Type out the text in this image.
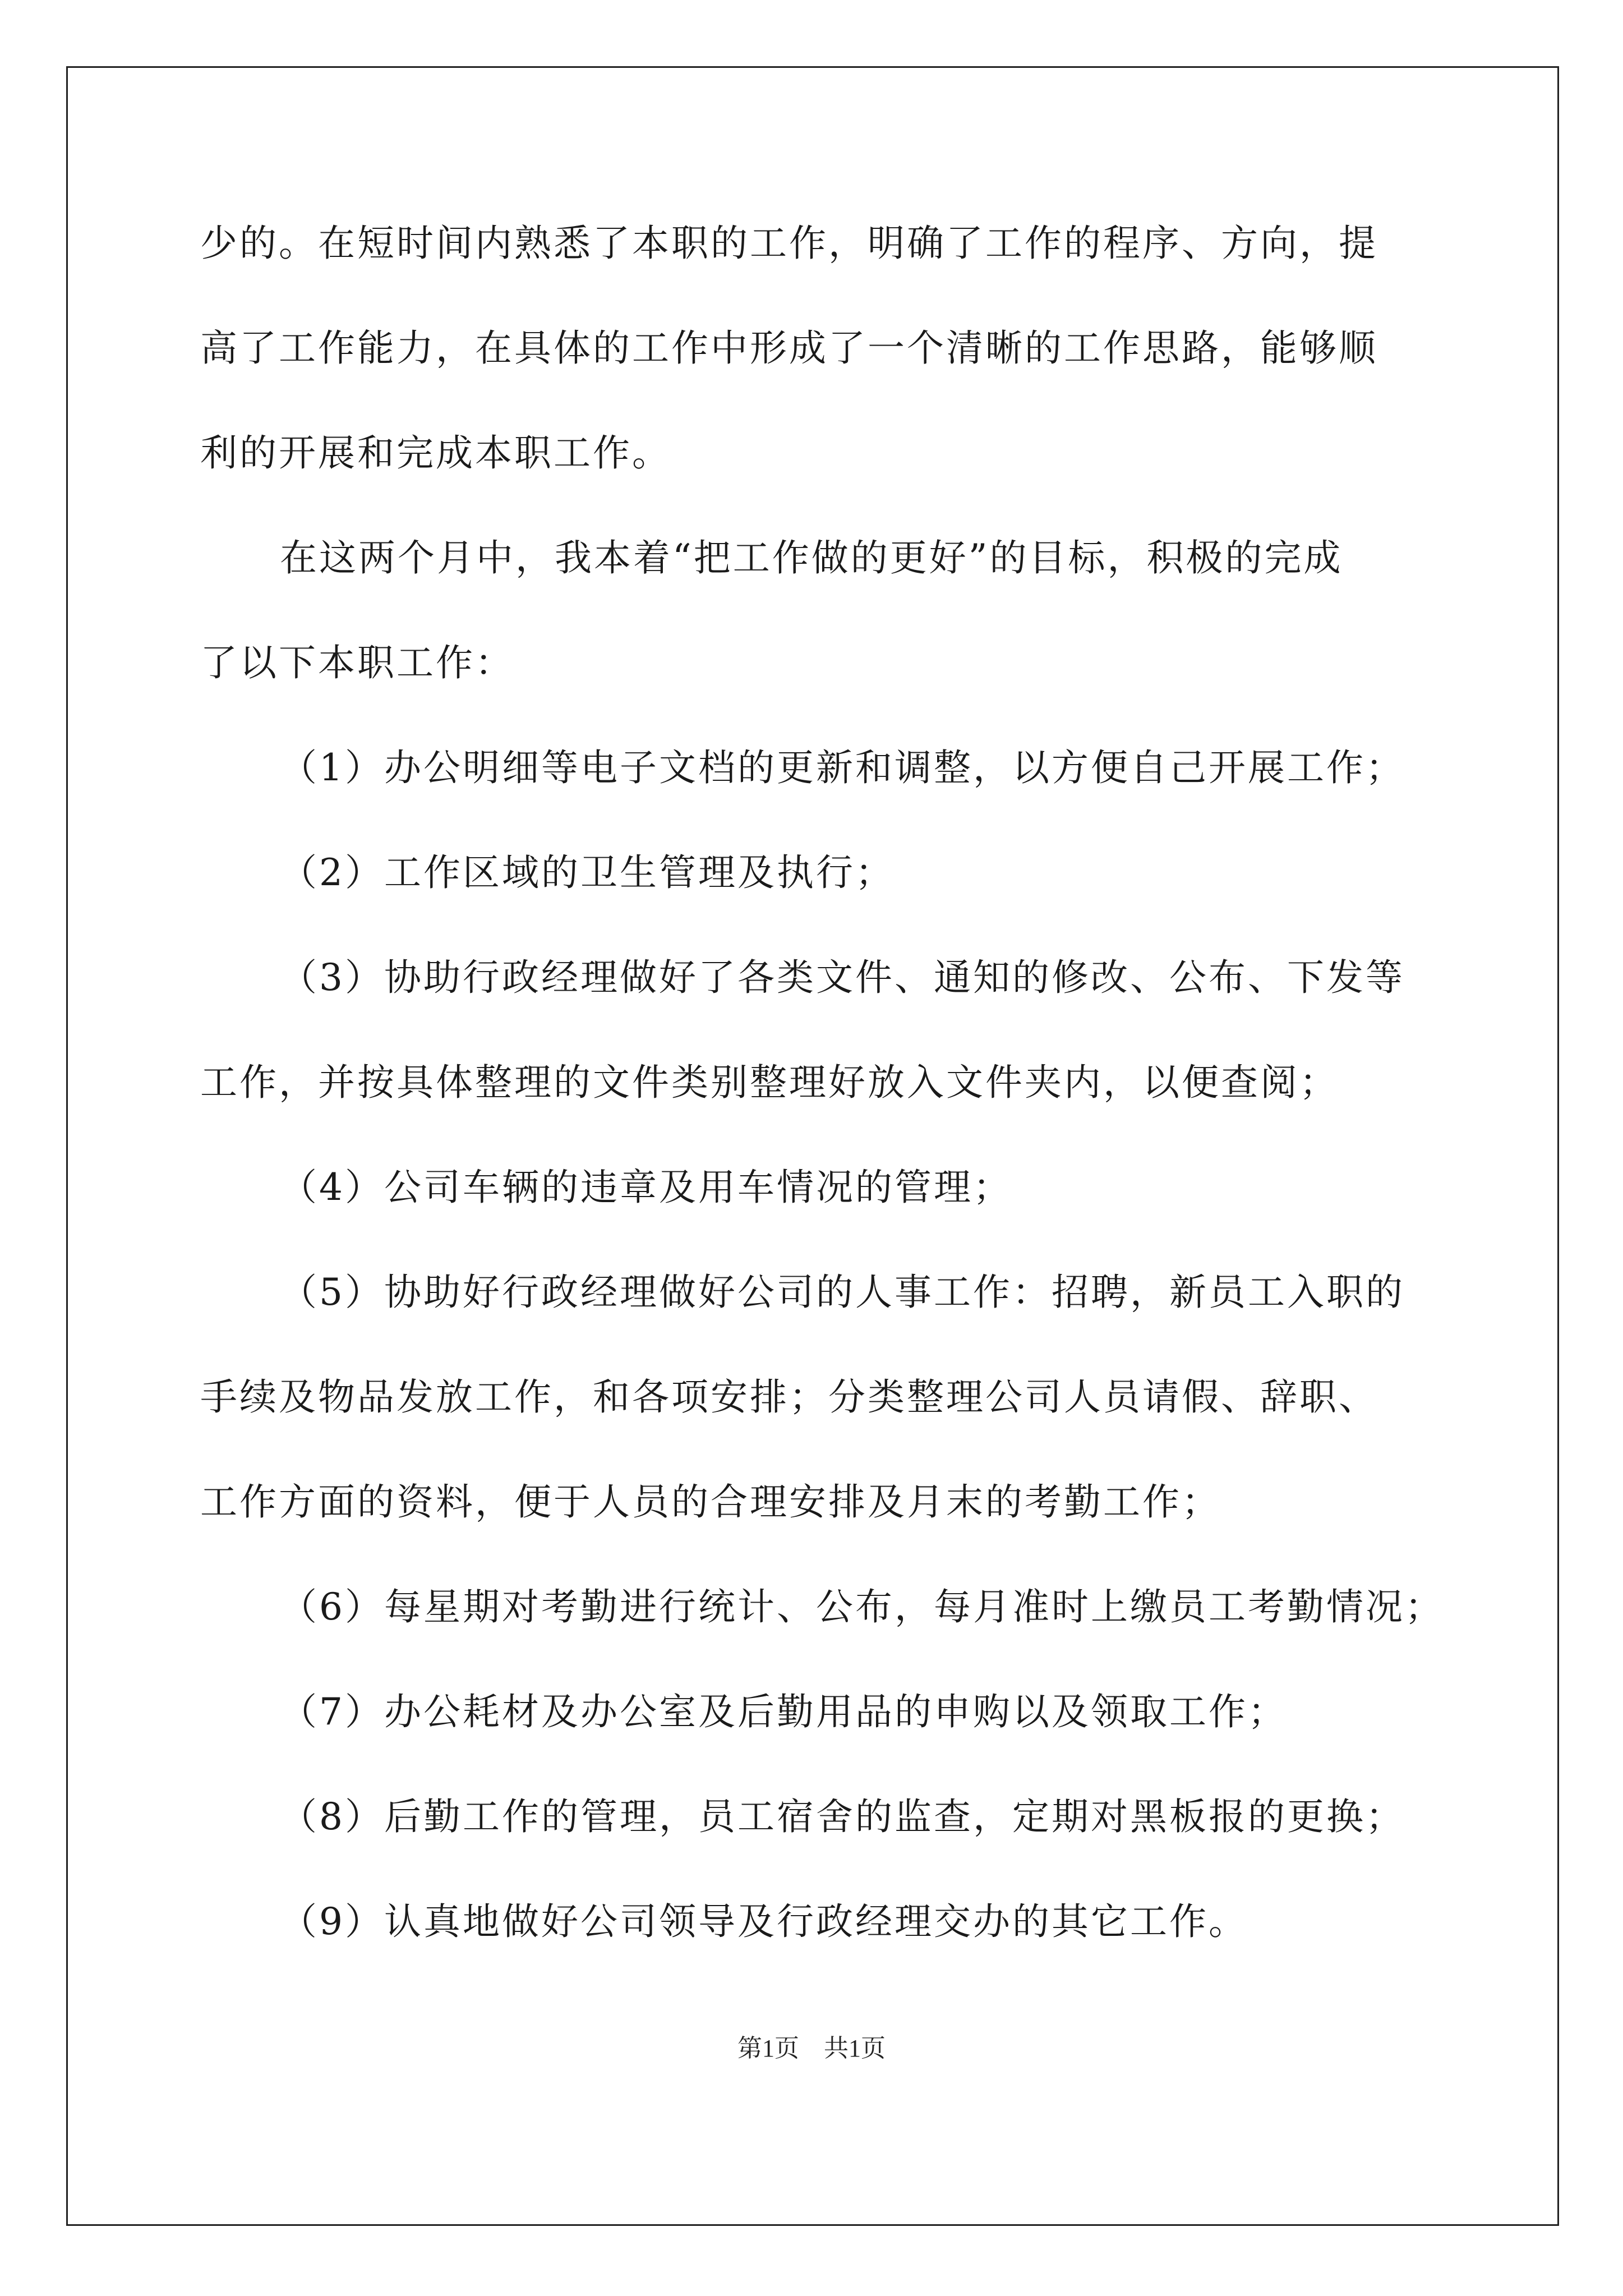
少的。在短时间内熟悉了本职的工作，明确了工作的程序、方向，提
高了工作能力，在具体的工作中形成了一个清晰的工作思路，能够顺
利的开展和完成本职工作。
在这两个月中，我本着“把工作做的更好”的目标，积极的完成
了以下本职工作：
（1）办公明细等电子文档的更新和调整，以方便自己开展工作；
（2）工作区域的卫生管理及执行；
（3）协助行政经理做好了各类文件、通知的修改、公布、下发等
工作，并按具体整理的文件类别整理好放入文件夹内，以便查阅；
（4）公司车辆的违章及用车情况的管理；
（5）协助好行政经理做好公司的人事工作：招聘，新员工入职的
手续及物品发放工作，和各项安排；分类整理公司人员请假、辞职、
工作方面的资料，便于人员的合理安排及月末的考勤工作；
（6）每星期对考勤进行统计、公布，每月准时上缴员工考勤情况；
（7）办公耗材及办公室及后勤用品的申购以及领取工作；
（8）后勤工作的管理，员工宿舍的监查，定期对黑板报的更换；
（9）认真地做好公司领导及行政经理交办的其它工作。
第1页　共1页
